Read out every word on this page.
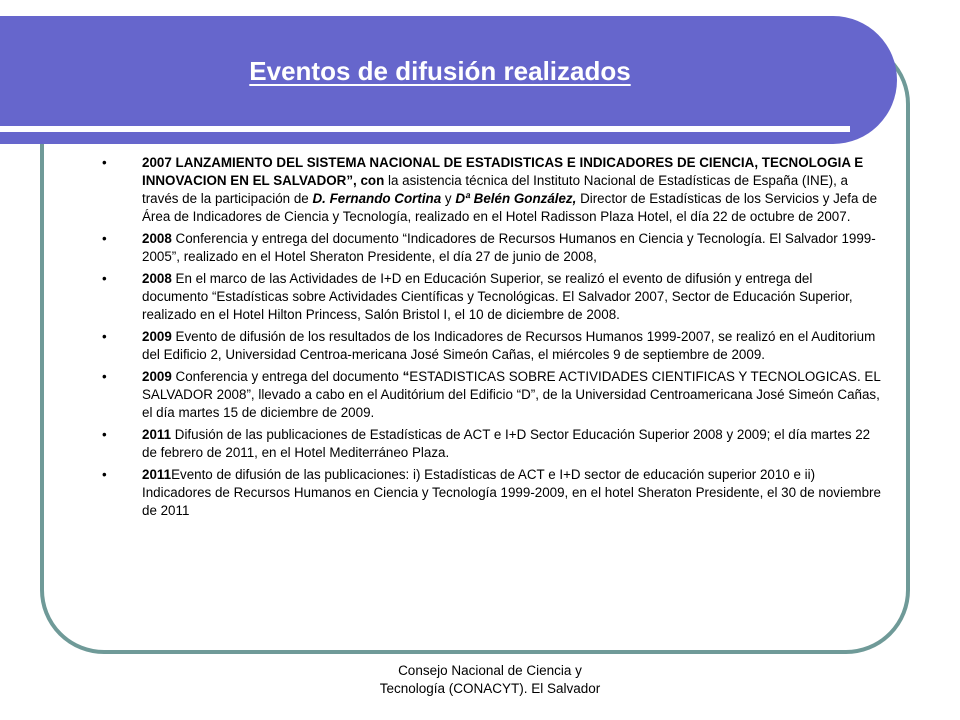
Eventos de difusión realizados
•	2007 LANZAMIENTO DEL SISTEMA NACIONAL DE ESTADISTICAS E INDICADORES DE CIENCIA, TECNOLOGIA E INNOVACION EN EL SALVADOR”, con la asistencia técnica del Instituto Nacional de Estadísticas de España (INE), a través de la participación de D. Fernando Cortina y Dª Belén González, Director de Estadísticas de los Servicios y Jefa de Área de Indicadores de Ciencia y Tecnología, realizado en el Hotel Radisson Plaza Hotel, el día 22 de octubre de 2007.
•	2008 Conferencia y entrega del documento “Indicadores de Recursos Humanos en Ciencia y Tecnología. El Salvador 1999-2005”, realizado en el Hotel Sheraton Presidente, el día 27 de junio de 2008,
•	2008 En el marco de las Actividades de I+D en Educación Superior, se realizó el evento de difusión y entrega del documento “Estadísticas sobre Actividades Científicas y Tecnológicas. El Salvador 2007, Sector de Educación Superior, realizado en el Hotel Hilton Princess, Salón Bristol I, el 10 de diciembre de 2008.
•	2009 Evento de difusión de los resultados de los Indicadores de Recursos Humanos 1999-2007, se realizó en el Auditorium del Edificio 2, Universidad Centroa-mericana José Simeón Cañas, el miércoles 9 de septiembre de 2009.
•	2009 Conferencia y entrega del documento “ESTADISTICAS SOBRE ACTIVIDADES CIENTIFICAS Y TECNOLOGICAS. EL SALVADOR 2008”, llevado a cabo en el Auditórium del Edificio “D”, de la Universidad Centroamericana José Simeón Cañas, el día martes 15 de diciembre de 2009.
•	2011 Difusión de las publicaciones de Estadísticas de ACT e I+D Sector Educación Superior 2008 y 2009; el día martes 22 de febrero de 2011, en el Hotel Mediterráneo Plaza.
•	2011Evento de difusión de las publicaciones: i) Estadísticas de ACT e I+D sector de educación superior 2010 e ii) Indicadores de Recursos Humanos en Ciencia y Tecnología 1999-2009, en el hotel Sheraton Presidente, el 30 de noviembre de 2011
Consejo Nacional de Ciencia y
Tecnología (CONACYT). El Salvador
